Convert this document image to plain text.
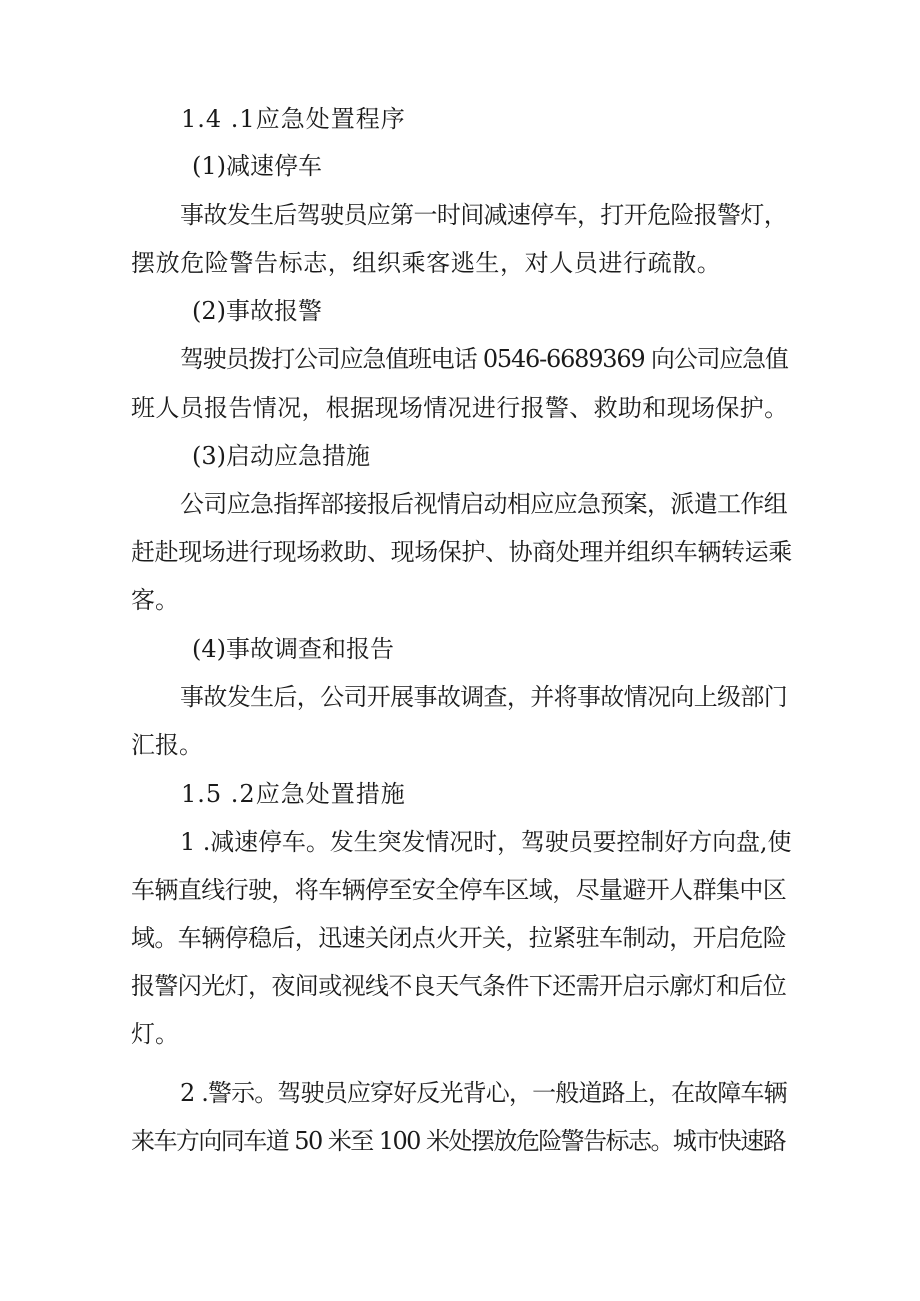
1.4 .1应急处置程序

(1)减速停车

事故发生后驾驶员应第一时间减速停车，打开危险报警灯，

摆放危险警告标志，组织乘客逃生，对人员进行疏散。

(2)事故报警

驾驶员拨打公司应急值班电话 0546-6689369 向公司应急值

班人员报告情况，根据现场情况进行报警、救助和现场保护。

(3)启动应急措施

公司应急指挥部接报后视情启动相应应急预案，派遣工作组

赶赴现场进行现场救助、现场保护、协商处理并组织车辆转运乘

客。

(4)事故调查和报告

事故发生后，公司开展事故调查，并将事故情况向上级部门

汇报。

1.5 .2应急处置措施

1 .减速停车。发生突发情况时，驾驶员要控制好方向盘,使

车辆直线行驶，将车辆停至安全停车区域，尽量避开人群集中区

域。车辆停稳后，迅速关闭点火开关，拉紧驻车制动，开启危险

报警闪光灯，夜间或视线不良天气条件下还需开启示廓灯和后位

灯。

2 .警示。驾驶员应穿好反光背心，一般道路上，在故障车辆

来车方向同车道 50 米至 100 米处摆放危险警告标志。城市快速路
